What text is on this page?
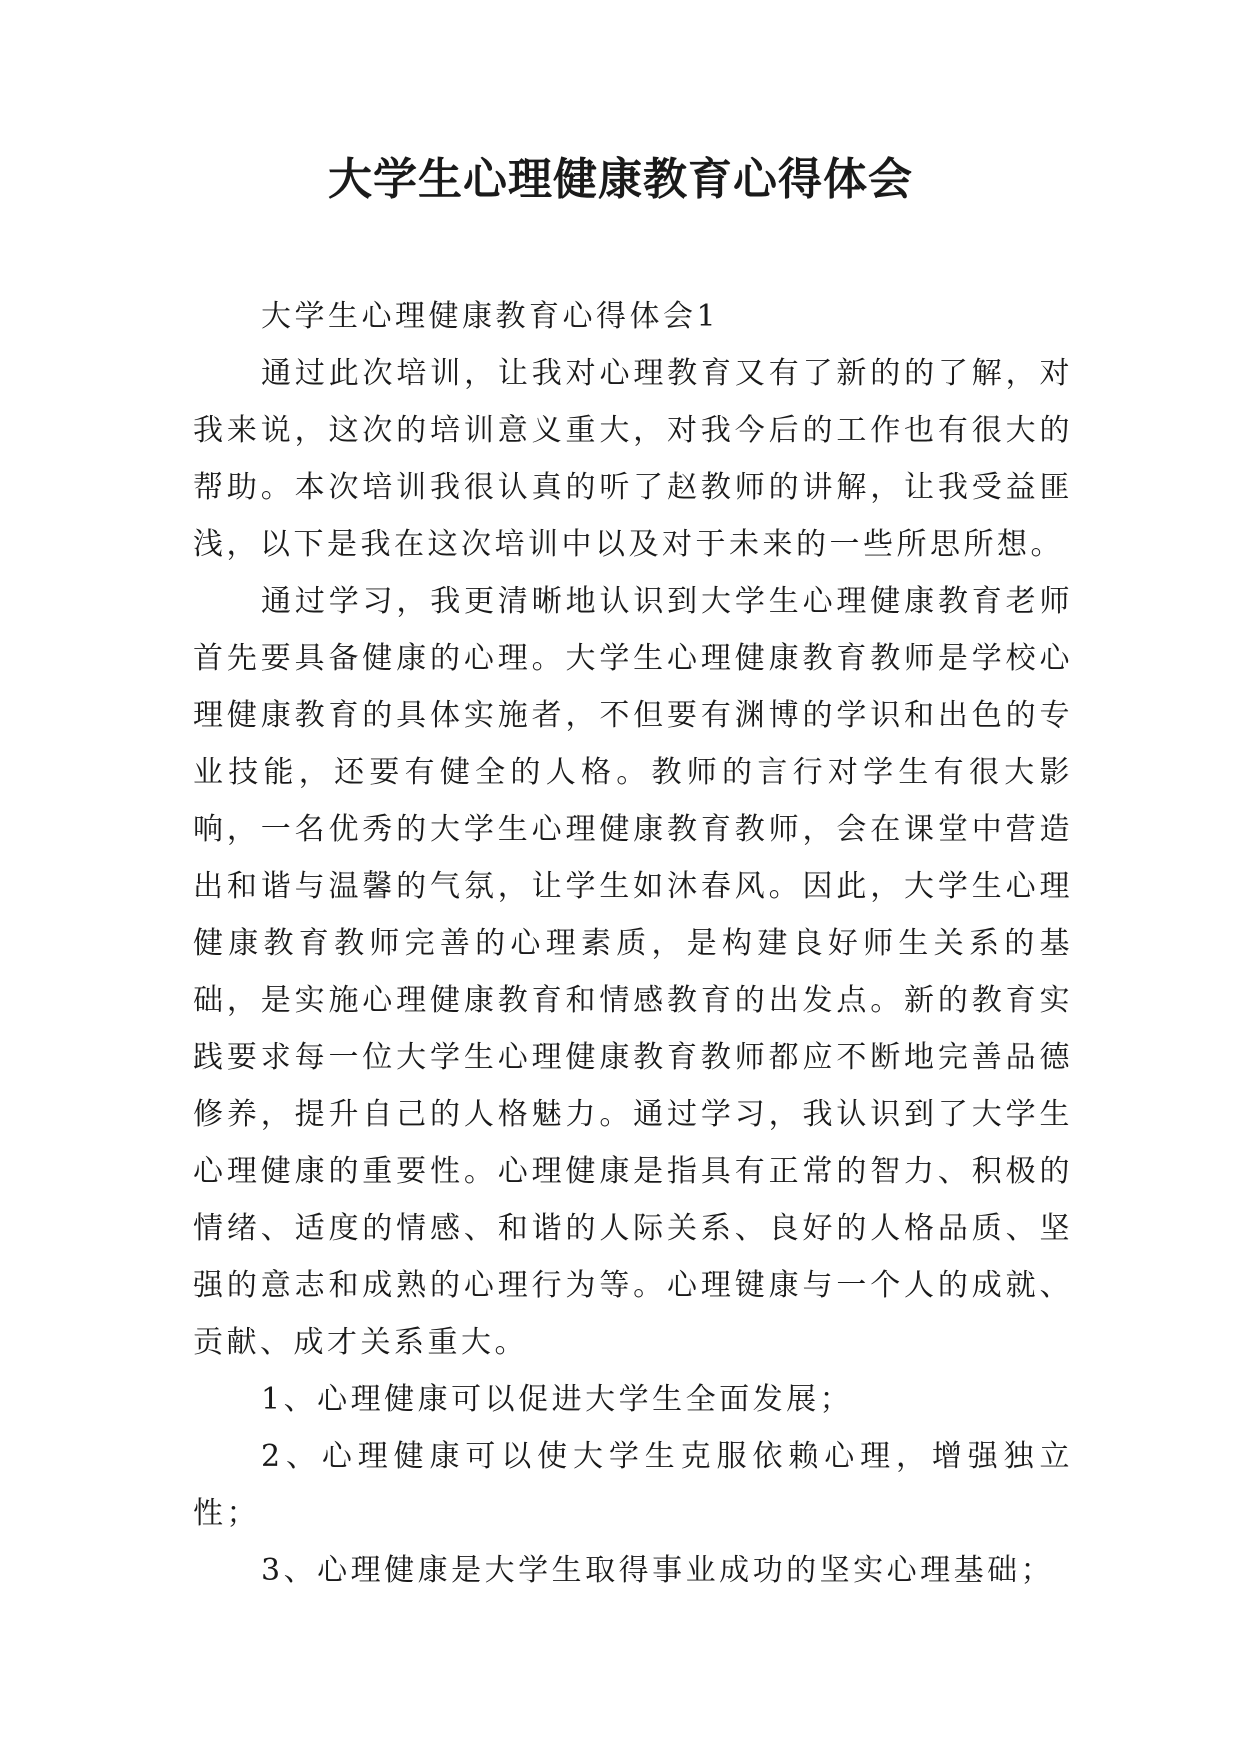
大学生心理健康教育心得体会

大学生心理健康教育心得体会1

通过此次培训，让我对心理教育又有了新的的了解，对我来说，这次的培训意义重大，对我今后的工作也有很大的帮助。本次培训我很认真的听了赵教师的讲解，让我受益匪浅，以下是我在这次培训中以及对于未来的一些所思所想。

通过学习，我更清晰地认识到大学生心理健康教育老师首先要具备健康的心理。大学生心理健康教育教师是学校心理健康教育的具体实施者，不但要有渊博的学识和出色的专业技能，还要有健全的人格。教师的言行对学生有很大影响，一名优秀的大学生心理健康教育教师，会在课堂中营造出和谐与温馨的气氛，让学生如沐春风。因此，大学生心理健康教育教师完善的心理素质，是构建良好师生关系的基础，是实施心理健康教育和情感教育的出发点。新的教育实践要求每一位大学生心理健康教育教师都应不断地完善品德修养，提升自己的人格魅力。通过学习，我认识到了大学生心理健康的重要性。心理健康是指具有正常的智力、积极的情绪、适度的情感、和谐的人际关系、良好的人格品质、坚强的意志和成熟的心理行为等。心理键康与一个人的成就、贡献、成才关系重大。

1、心理健康可以促进大学生全面发展；

2、心理健康可以使大学生克服依赖心理，增强独立性；

3、心理健康是大学生取得事业成功的坚实心理基础；
